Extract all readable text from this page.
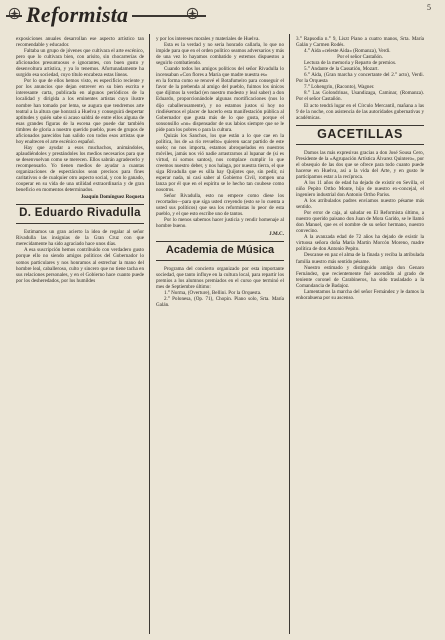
Reformista	5

exposiciones anuales desarrollan ese aspecto artístico tan recomendable y educador.

Faltaba un grupo de jóvenes que cultivara el arte escénico, pero que lo cultivara bien, con arisito, sin chocarrerías de aficionados presuntuosos e ignorantes, con buen gusto y desenvoltura artística, y ya lo tenemos. Afortunadamente ha surgido esa sociedad, cuyo título encabeza estas líneas.

Por lo que de ellos hemos visto, es especificio reciente y por los anuncios que dejan entrever en su bien escrita e interesante carta, publicada en algunos periódicos de la localidad y dirigida a los eminentes artistas cuyo ilustre nombre han tomado por lema, se augura que tendremos arte teatral a la altura que honrará a Huelva y conseguirá despertar aptitudes y quién sabe si acaso saldrá de entre ellos alguna de esas grandes figuras de la escena que puede dar también timbres de gloria a nuestro querido pueblo, pues de grupos de aficionados parecidos han salido con todos esos artistas que hoy enaltecen el arte escénico español.

Hay que ayudar a esos muchachos, animándoles, aplaudiéndoles y prestándoles los medios necesarios para que se desenvuelvan como se merecen. Ellos sabrán agradecerlo y recompensarlo. Yo tienen medios de ayudar a cuantas organizaciones de espectáculos sean precisos para fines caritativos o de cualquier otro aspecto social, y con lo ganado, cooperar en su vida de una utilidad extraordinaria y de gran beneficio en momentos determinados.

Joaquín Domínguez Roqueta

D. Eduardo Rivadulla

Estimamos un gran acierto la idea de regalar al señor Rivadulla las insignias de la Gran Cruz con que merecidamente ha sido agraciado hace unos días.

A esa suscripción hemos contribuido con verdadero gusto porque ello no siendo amigos políticos del Gobernador lo somos particulares y nos honramos al estrechar la mano del hombre leal, caballeroso, culto y sincero que no tiene tacha en sus relaciones personales, y en el Gobierno hace cuanto puede por los desheredados, por los humildes

y por los intereses morales y materiales de Huelva.

Esta es la verdad y no seria honrado callarla, lo que no impide para que en el orden político seamos adversarios y más de una vez lo hayamos combatido y estemos dispuestos a seguirlo combatiendo.

Cuando todos los amigos políticos del señor Rivadulla lo incensaban «Con flores a María que madre nuestra es»

en la forma como se renové el Botafumeiro para conseguir el favor de la prebenda al amigo del pueblo, fuimos los únicos que dijimos la verdad (en nuestro modesto y leal saber) a don Eduardo, proporcionándole algunas mortificaciones (nos lo dijo caballerosamente), y no estamos justos si hoy no rindiésemos el placer de hacerlo esta manifestación pública al Gobernador que gusta más de lo que gusta, porque el sonsonsillo «no» dispensador de sus labios siempre que se le pide para los pobres o para la cultura.

Quizás los Sanchos, los que están a lo que cae en la política, los de «a río revuelto» quieren sacar partido de este suelo; no nos importa, estamos abroquelados en nuestros móviles, jamás nos vió nadie arrastrarnos al lupanar de (si es virtud, ni somos santos), nos complace cumplir lo que creemos nuestro deber, y nos halaga, por nuestra tierra, el que siga Rivadulla que es silla hay Quijotes que, sin pedir, ni esperar nada, ni casi saber al Gobierno Civil, rompen una lanza por él que en el espíritu se le hecho tan coubese como nosotros.

Señor Rivadulla, esto no empece como diese los recortados—para que siga usted creyendo (esto se lo cuenta a usted sus políticos) que sea los reformistas lo peor de esta pueblo, y el que esto escribe uno de tantos.

Por lo menos sabemos hacer justicia y rendir homenaje al hombre bueno.

J.M.C.

Academia de Música

Programa del concierto organizado por esta importante sociedad, que tanto influye en la cultura local, para repartir los premios a los alumnos premiados en el curso que terminó el mes de Septiembre último:

1.° Norma, (Overture), Bellini. Por la Orquesta.

2.° Polonesa, (Op. 71), Chopin. Piano solo, Srta. María Galán.

3.° Rapsodia n.° 9, Liszt Piano a cuatro manos, Srta. María Galán y Carmen Rodés.

4.° Aida «celeste Aida» (Romanza), Verdi.

Por el señor Castañón.

Lectura de la memoria y Reparto de premios.

5.° Andante de la Cassatión, Mozart.

6.° Aida, (Gran marcha y concertante del 2.° acto), Verdi. Por la Orquesta

7.° Lohengrin, (Raconto), Wagner.

8.° Las Golondrinas, Usandizaga, Caminar, (Romanza). Por el señor Castañón.

El acto tendrá lugar en el Círculo Mercantil, mañana a las 9 de la noche, con asistencia de las autoridades gubernativas y académicas.

GACETILLAS

Damos las más expresivas gracias a don José Sousa Cero, Presidente de la «Agrupación Artística Álvarez Quintero», por el obsequio de las dos que se ofrece para todo cuanto puede hacerse en Huelva, así a la vida del Arte, y en gusto le participamos estar a la recíproca.

A los 11 años de edad ha dejado de existir en Sevilla, el niño Pepito Ortho Monte, hijo de nuestro ex-concejal, el ingeniero industrial don Antonio Ortho Pariss.

A los atribulados padres enviamos nuestro pésame más sentido.

Por error de caja, al saludar en El Reformista último, a nuestro querido paisano don Juan de Mora Garido, se le llamó don Manuel, que es el nombre de su señor hermano, nuestro convecino.

A la avanzada edad de 72 años ha dejado de existir la virtuosa señora doña María Martín Morcón Moreno, madre política de don Antonio Pepito.

Descanse en paz el alma de la finada y reciba la atribulada familia nuestro más sentido pésame.

Nuestro estimado y distinguido amigo don Genaro Fernández, que recientemente fué ascendido al grado de teniente coronel de Carabineros, ha sido trasladado a la Comandancia de Badajoz.

Lamentamos la marcha del señor Fernández y le damos la enhorabuena por su ascenso.
